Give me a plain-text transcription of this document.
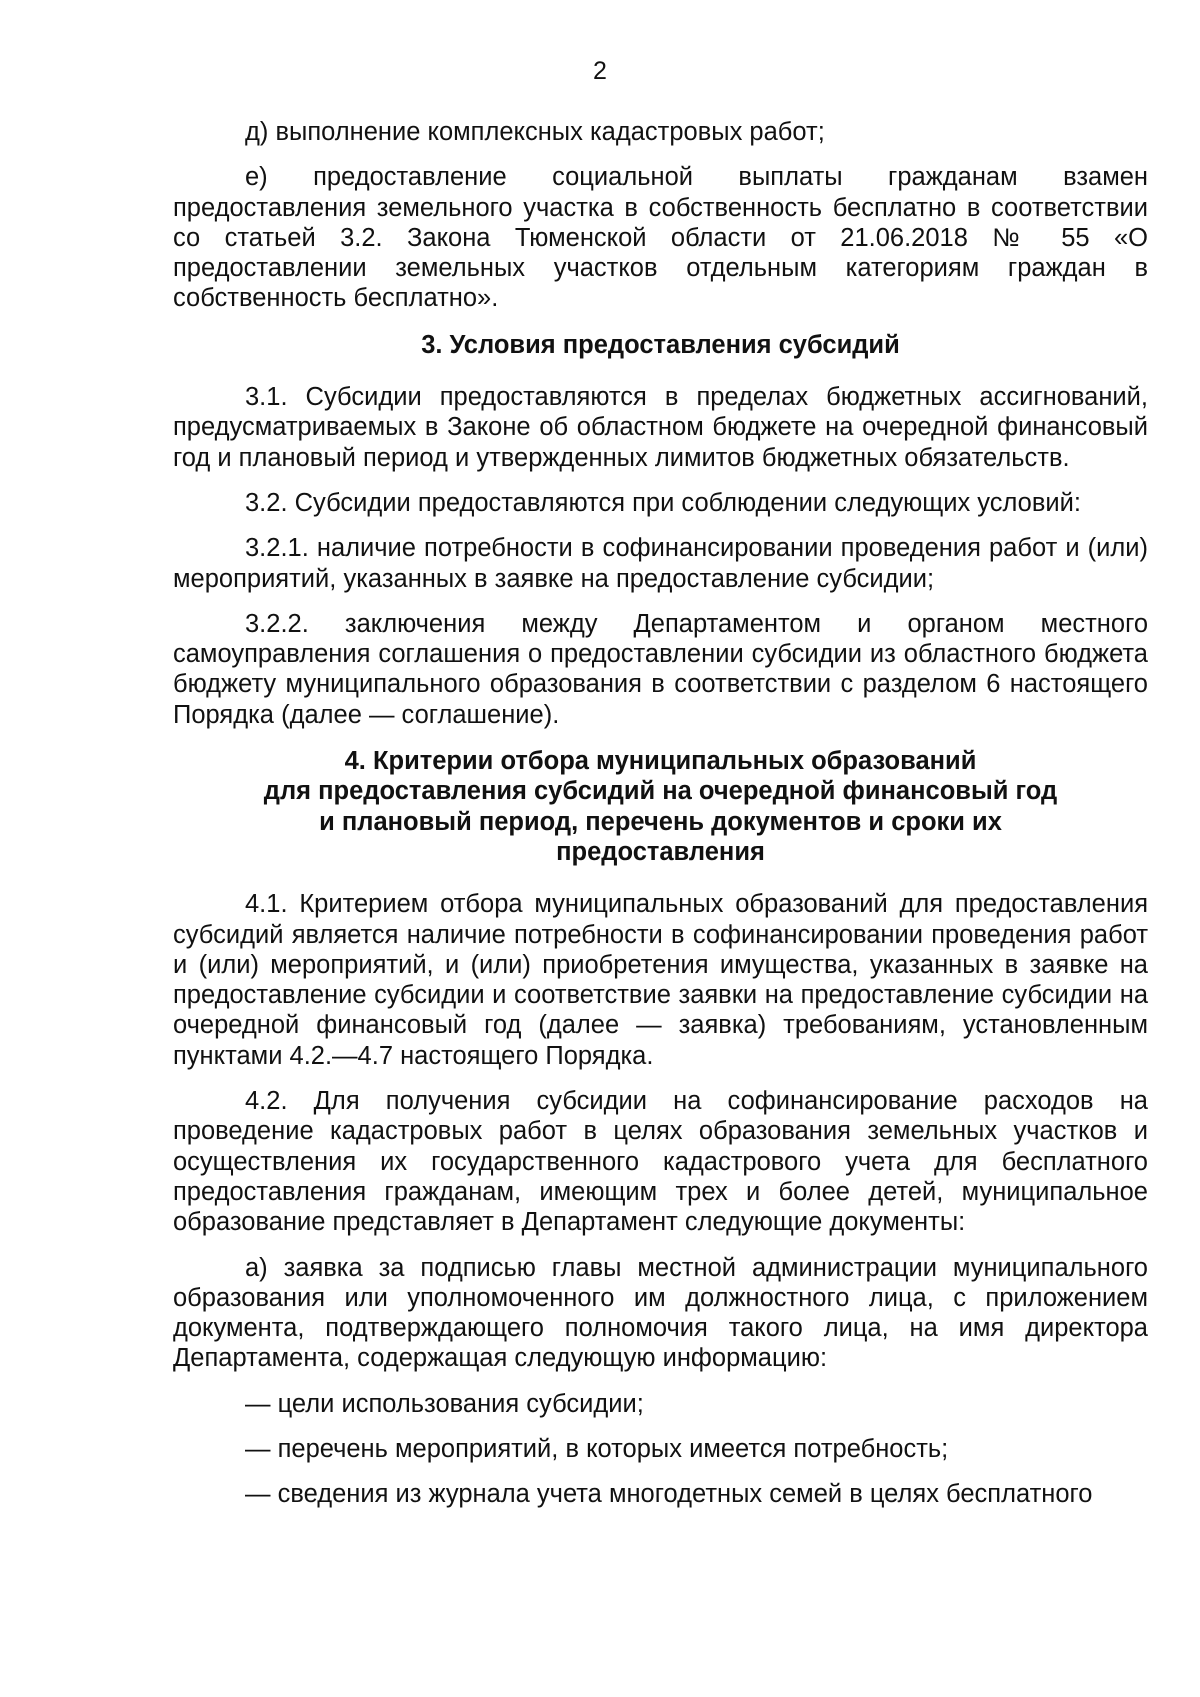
2

д) выполнение комплексных кадастровых работ;

е) предоставление социальной выплаты гражданам взамен предоставления земельного участка в собственность бесплатно в соответствии со статьей 3.2. Закона Тюменской области от 21.06.2018 № 55 «О предоставлении земельных участков отдельным категориям граждан в собственность бесплатно».

3. Условия предоставления субсидий

3.1. Субсидии предоставляются в пределах бюджетных ассигнований, предусматриваемых в Законе об областном бюджете на очередной финансовый год и плановый период и утвержденных лимитов бюджетных обязательств.

3.2. Субсидии предоставляются при соблюдении следующих условий:

3.2.1. наличие потребности в софинансировании проведения работ и (или) мероприятий, указанных в заявке на предоставление субсидии;

3.2.2. заключения между Департаментом и органом местного самоуправления соглашения о предоставлении субсидии из областного бюджета бюджету муниципального образования в соответствии с разделом 6 настоящего Порядка (далее — соглашение).

4. Критерии отбора муниципальных образований
для предоставления субсидий на очередной финансовый год
и плановый период, перечень документов и сроки их
предоставления

4.1. Критерием отбора муниципальных образований для предоставления субсидий является наличие потребности в софинансировании проведения работ и (или) мероприятий, и (или) приобретения имущества, указанных в заявке на предоставление субсидии и соответствие заявки на предоставление субсидии на очередной финансовый год (далее — заявка) требованиям, установленным пунктами 4.2.—4.7 настоящего Порядка.

4.2. Для получения субсидии на софинансирование расходов на проведение кадастровых работ в целях образования земельных участков и осуществления их государственного кадастрового учета для бесплатного предоставления гражданам, имеющим трех и более детей, муниципальное образование представляет в Департамент следующие документы:

а) заявка за подписью главы местной администрации муниципального образования или уполномоченного им должностного лица, с приложением документа, подтверждающего полномочия такого лица, на имя директора Департамента, содержащая следующую информацию:

— цели использования субсидии;

— перечень мероприятий, в которых имеется потребность;

— сведения из журнала учета многодетных семей в целях бесплатного
